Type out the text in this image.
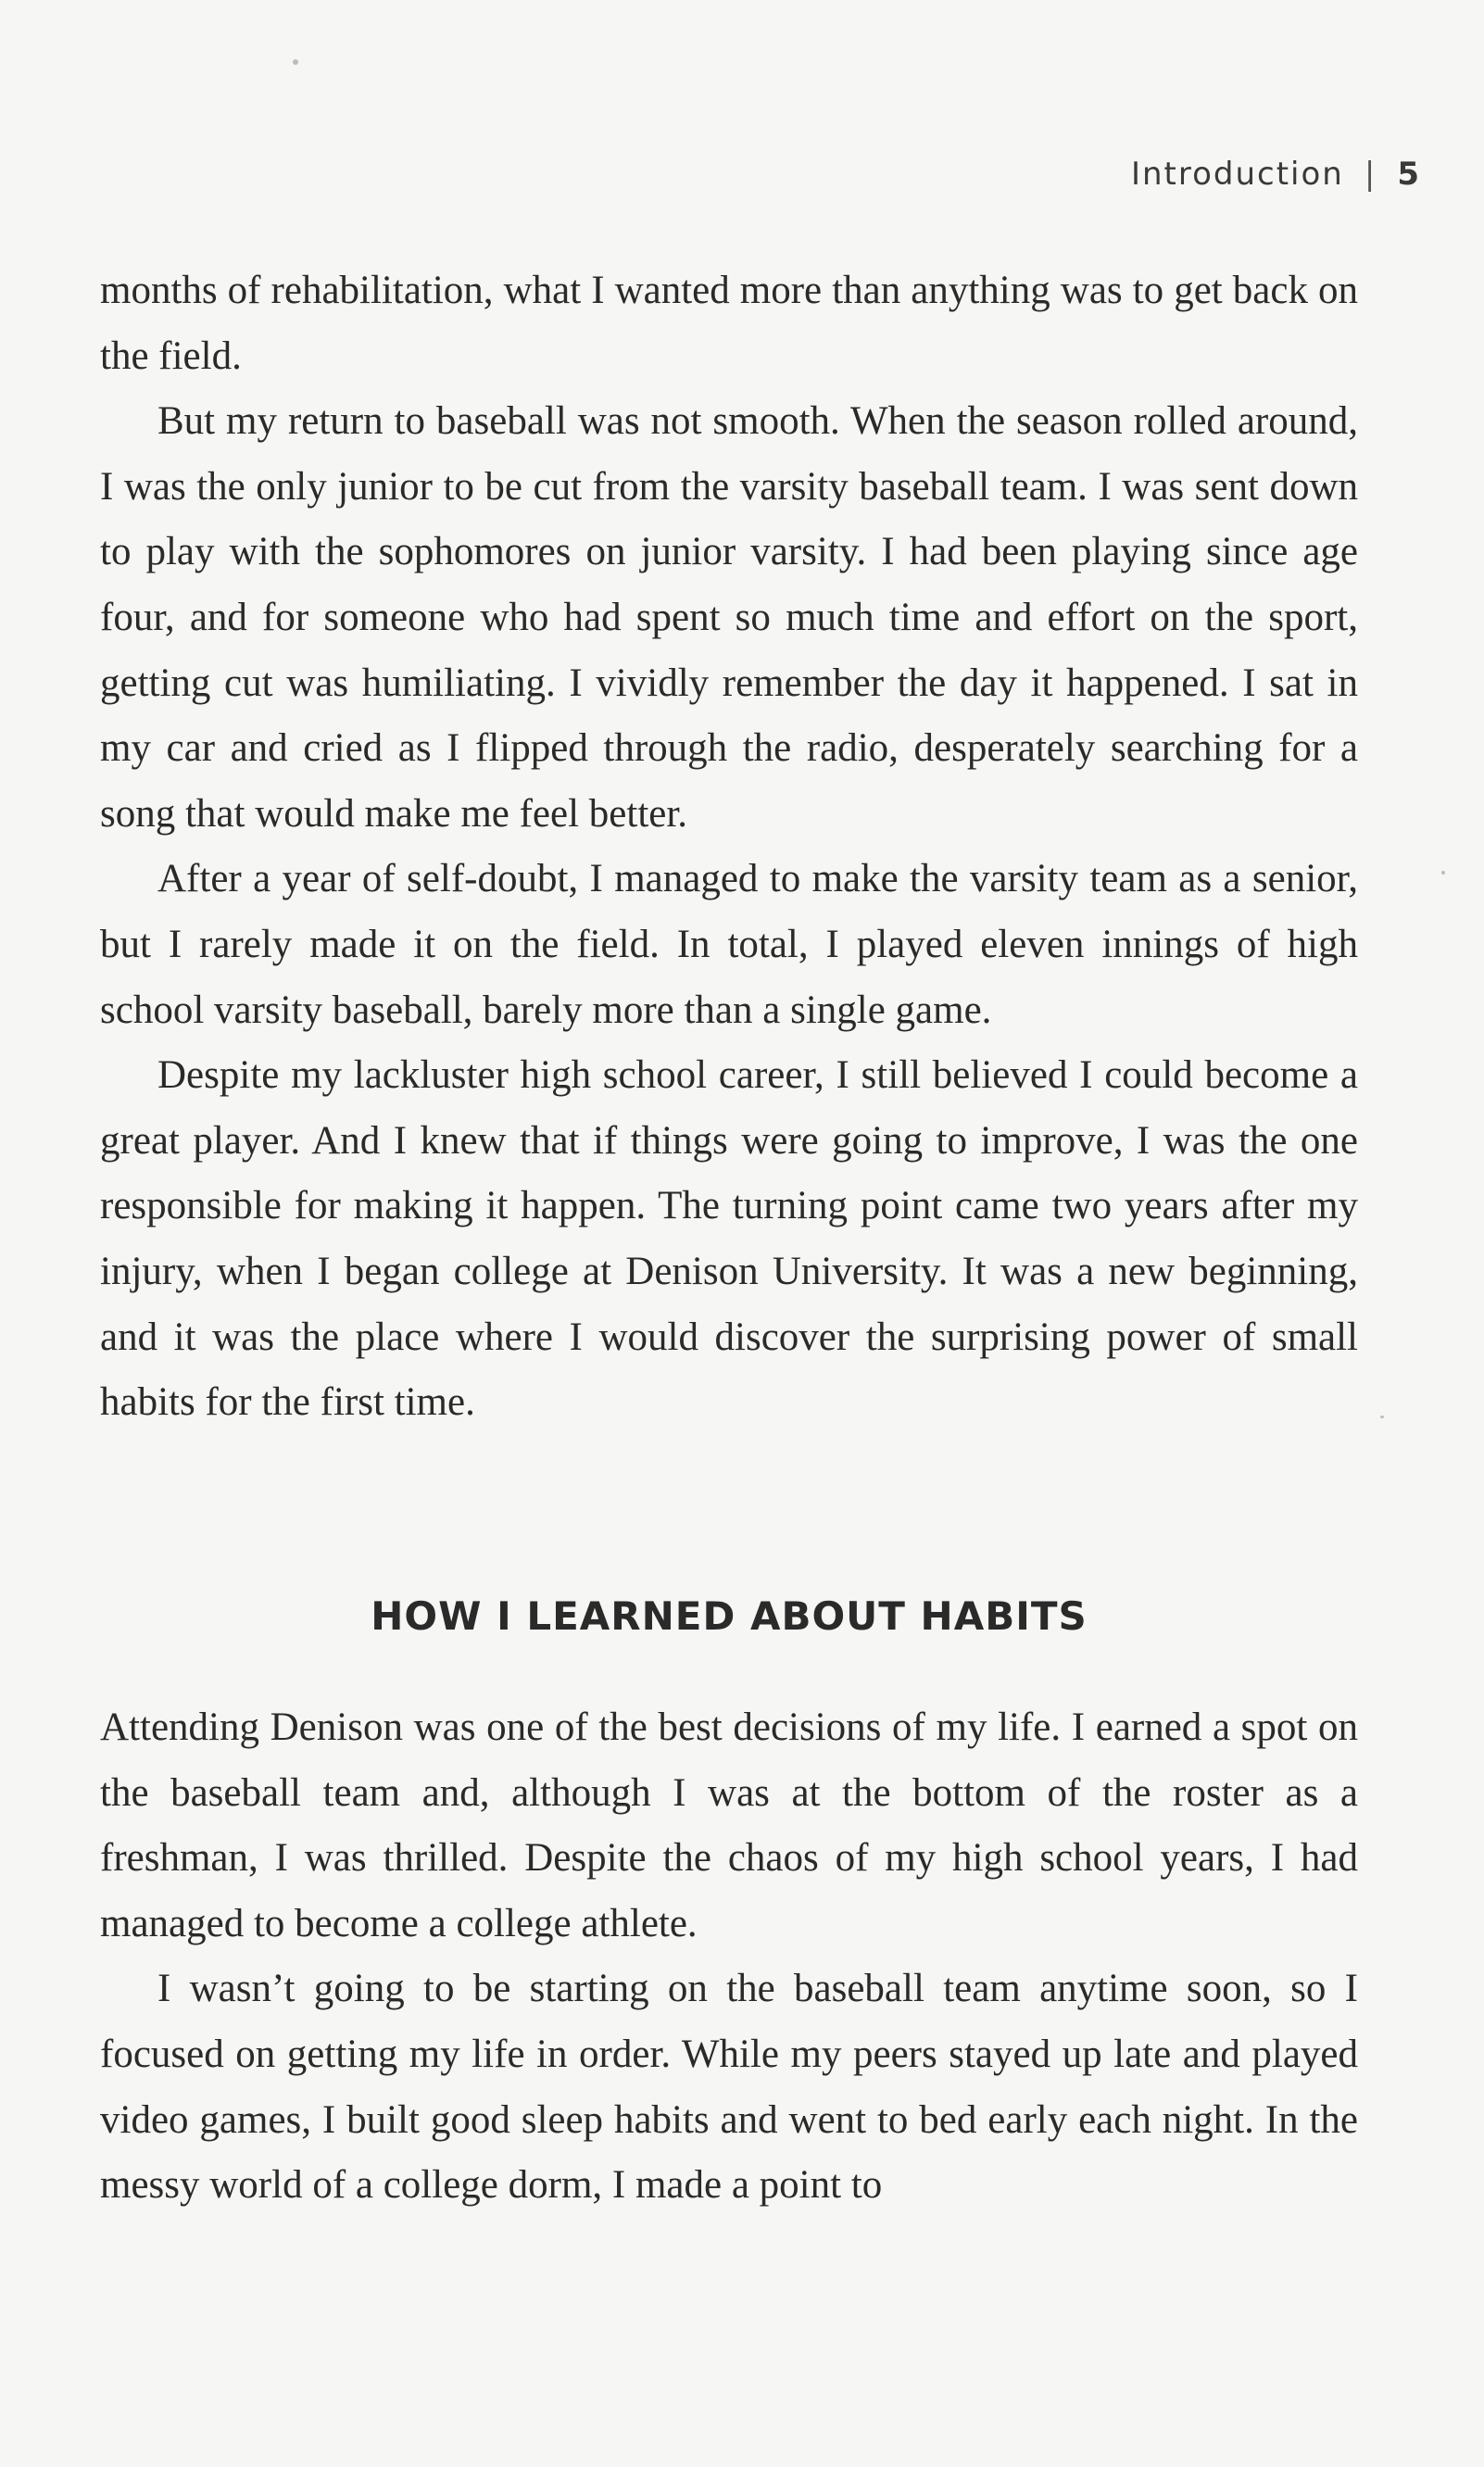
Introduction | 5

months of rehabilitation, what I wanted more than anything was to get back on the field.

But my return to baseball was not smooth. When the season rolled around, I was the only junior to be cut from the varsity baseball team. I was sent down to play with the sophomores on junior varsity. I had been playing since age four, and for someone who had spent so much time and effort on the sport, getting cut was humiliating. I vividly remember the day it happened. I sat in my car and cried as I flipped through the radio, desperately searching for a song that would make me feel better.

After a year of self-doubt, I managed to make the varsity team as a senior, but I rarely made it on the field. In total, I played eleven innings of high school varsity baseball, barely more than a single game.

Despite my lackluster high school career, I still believed I could become a great player. And I knew that if things were going to improve, I was the one responsible for making it happen. The turning point came two years after my injury, when I began college at Denison University. It was a new beginning, and it was the place where I would discover the surprising power of small habits for the first time.

HOW I LEARNED ABOUT HABITS

Attending Denison was one of the best decisions of my life. I earned a spot on the baseball team and, although I was at the bottom of the roster as a freshman, I was thrilled. Despite the chaos of my high school years, I had managed to become a college athlete.

I wasn’t going to be starting on the baseball team anytime soon, so I focused on getting my life in order. While my peers stayed up late and played video games, I built good sleep habits and went to bed early each night. In the messy world of a college dorm, I made a point to
